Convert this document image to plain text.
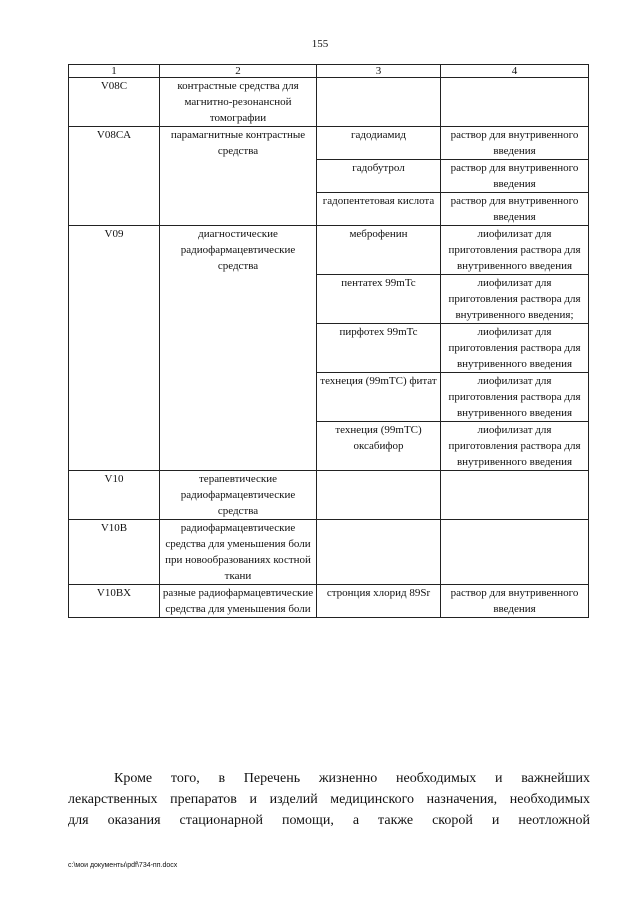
155
1	2	3	4
V08C	контрастные средства для магнитно-резонансной томографии		
V08CA	парамагнитные контрастные средства	гадодиамид	раствор для внутривенного введения
		гадобутрол	раствор для внутривенного введения
		гадопентетовая кислота	раствор для внутривенного введения
V09	диагностические радиофармацевтические средства	меброфенин	лиофилизат для приготовления раствора для внутривенного введения
		пентатех 99mTc	лиофилизат для приготовления раствора для внутривенного введения;
		пирфотех 99mTc	лиофилизат для приготовления раствора для внутривенного введения
		технеция (99mTC) фитат	лиофилизат для приготовления раствора для внутривенного введения
		технеция (99mTC) оксабифор	лиофилизат для приготовления раствора для внутривенного введения
V10	терапевтические радиофармацевтические средства		
V10B	радиофармацевтические средства для уменьшения боли при новообразованиях костной ткани		
V10BX	разные радиофармацевтические средства для уменьшения боли	стронция хлорид 89Sr	раствор для внутривенного введения
Кроме того, в Перечень жизненно необходимых и важнейших
лекарственных препаратов и изделий медицинского назначения, необходимых
для оказания стационарной помощи, а также скорой и неотложной
c:\мои документы\pdf\734-пп.docx
